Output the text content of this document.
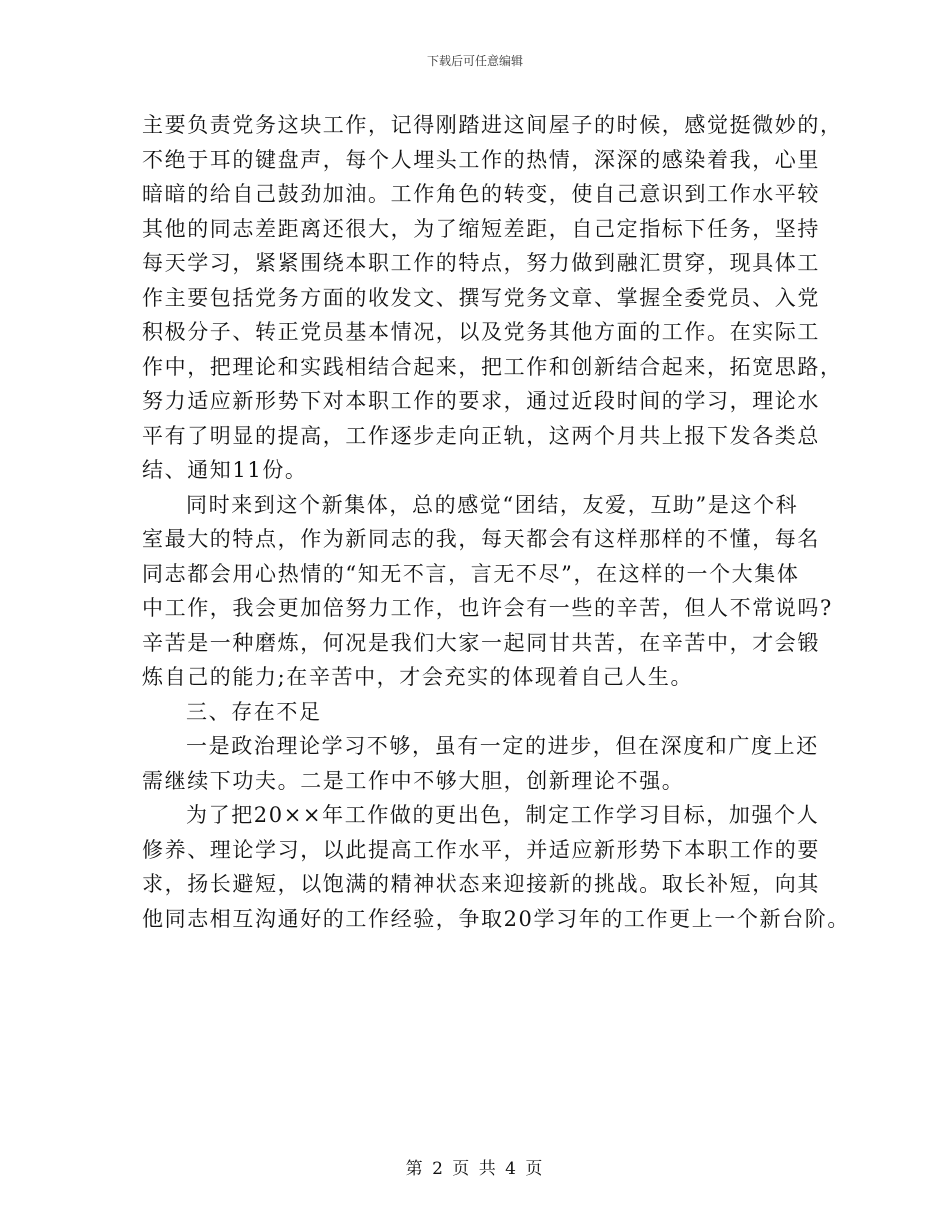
下载后可任意编辑
主要负责党务这块工作，记得刚踏进这间屋子的时候，感觉挺微妙的，
不绝于耳的键盘声，每个人埋头工作的热情，深深的感染着我，心里
暗暗的给自己鼓劲加油。工作角色的转变，使自己意识到工作水平较
其他的同志差距离还很大，为了缩短差距，自己定指标下任务，坚持
每天学习，紧紧围绕本职工作的特点，努力做到融汇贯穿，现具体工
作主要包括党务方面的收发文、撰写党务文章、掌握全委党员、入党
积极分子、转正党员基本情况，以及党务其他方面的工作。在实际工
作中，把理论和实践相结合起来，把工作和创新结合起来，拓宽思路，
努力适应新形势下对本职工作的要求，通过近段时间的学习，理论水
平有了明显的提高，工作逐步走向正轨，这两个月共上报下发各类总
结、通知11份。
同时来到这个新集体，总的感觉“团结，友爱，互助”是这个科
室最大的特点，作为新同志的我，每天都会有这样那样的不懂，每名
同志都会用心热情的“知无不言，言无不尽”，在这样的一个大集体
中工作，我会更加倍努力工作，也许会有一些的辛苦，但人不常说吗?
辛苦是一种磨炼，何况是我们大家一起同甘共苦，在辛苦中，才会锻
炼自己的能力;在辛苦中，才会充实的体现着自己人生。
三、存在不足
一是政治理论学习不够，虽有一定的进步，但在深度和广度上还
需继续下功夫。二是工作中不够大胆，创新理论不强。
为了把20××年工作做的更出色，制定工作学习目标，加强个人
修养、理论学习，以此提高工作水平，并适应新形势下本职工作的要
求，扬长避短，以饱满的精神状态来迎接新的挑战。取长补短，向其
他同志相互沟通好的工作经验，争取20学习年的工作更上一个新台阶。
第 2 页 共 4 页
